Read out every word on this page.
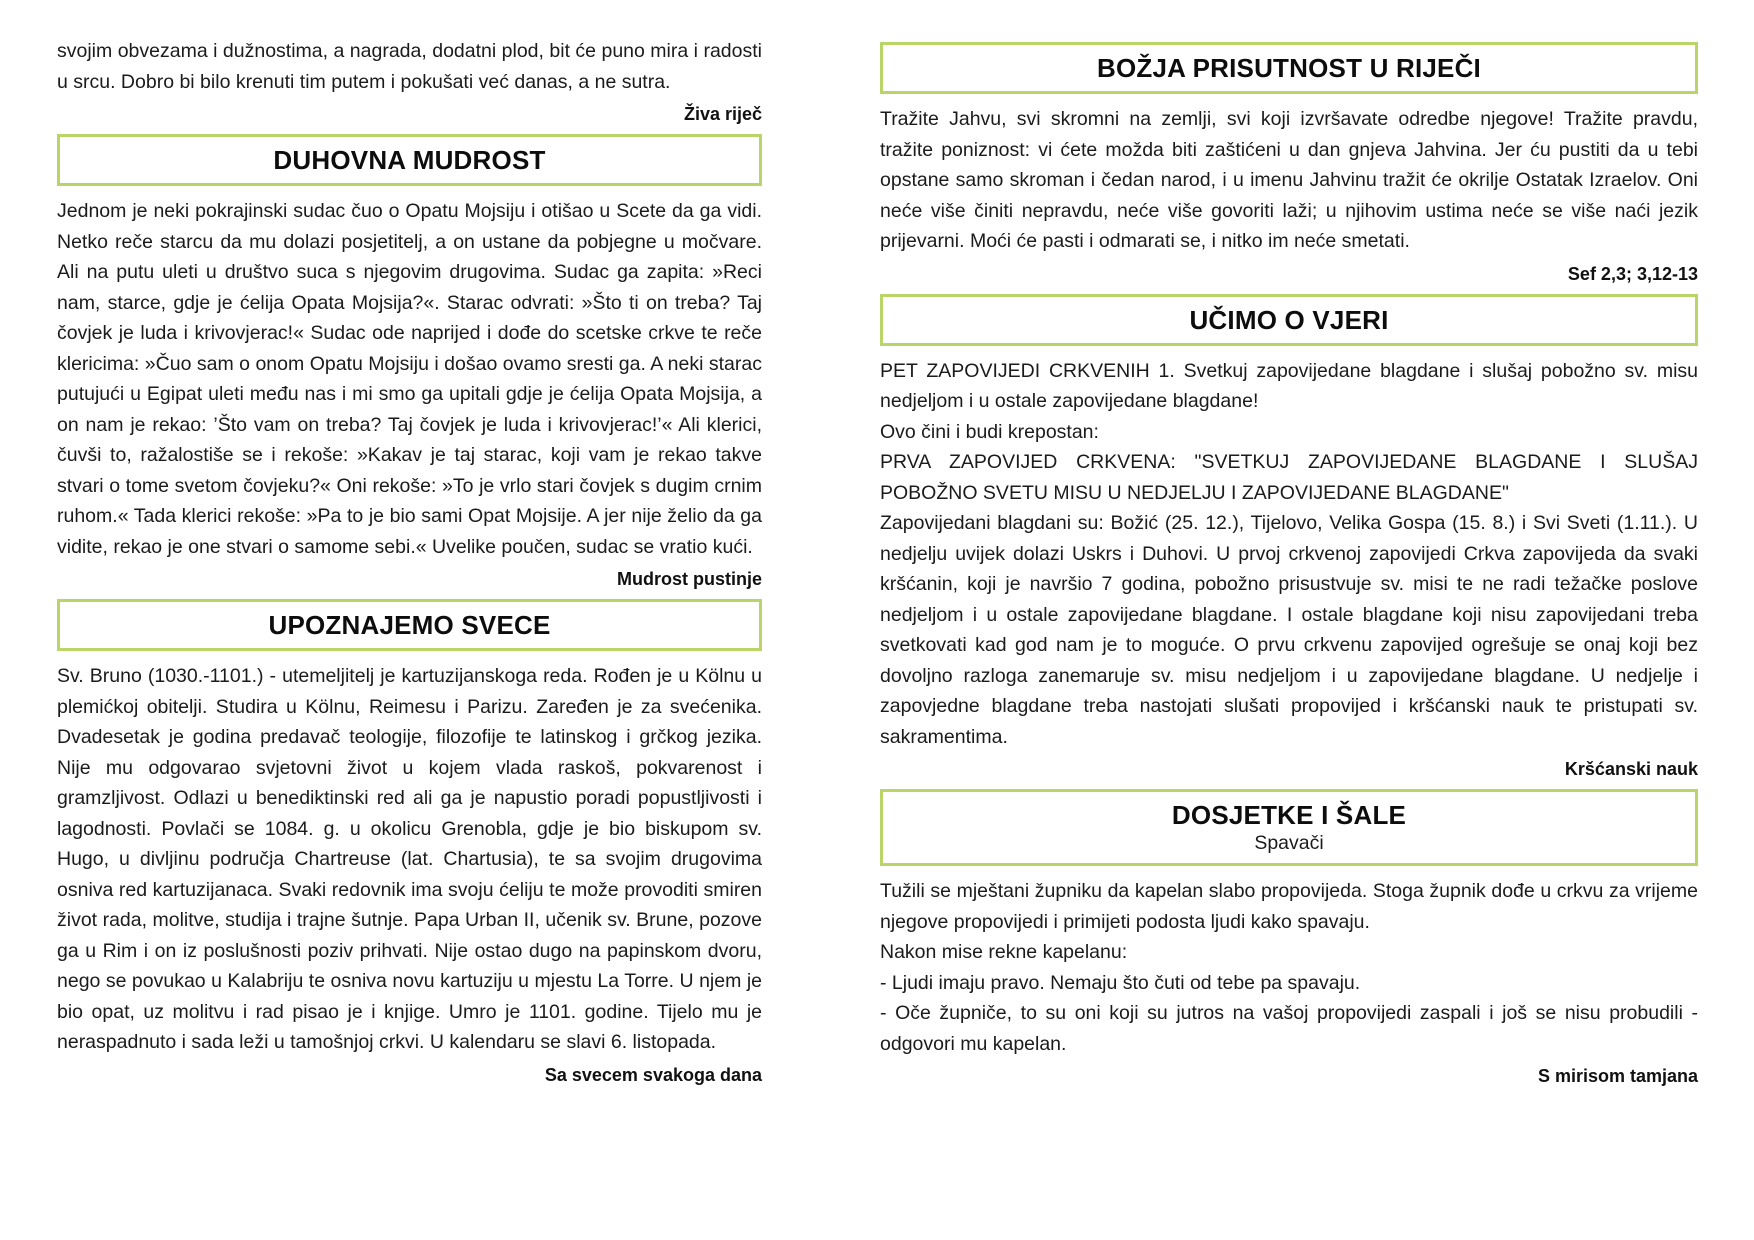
svojim obvezama i dužnostima, a nagrada, dodatni plod, bit će puno mira i radosti u srcu. Dobro bi bilo krenuti tim putem i pokušati već danas, a ne sutra.

Živa riječ
DUHOVNA MUDROST

Jednom je neki pokrajinski sudac čuo o Opatu Mojsiju i otišao u Scete da ga vidi. Netko reče starcu da mu dolazi posjetitelj, a on ustane da pobjegne u močvare. Ali na putu uleti u društvo suca s njegovim drugovima. Sudac ga zapita: »Reci nam, starce, gdje je ćelija Opata Mojsija?«. Starac odvrati: »Što ti on treba? Taj čovjek je luda i krivovjerac!« Sudac ode naprijed i dođe do scetske crkve te reče klericima: »Čuo sam o onom Opatu Mojsiju i došao ovamo sresti ga. A neki starac putujući u Egipat uleti među nas i mi smo ga upitali gdje je ćelija Opata Mojsija, a on nam je rekao: ’Što vam on treba? Taj čovjek je luda i krivovjerac!’« Ali klerici, čuvši to, ražalostiše se i rekoše: »Kakav je taj starac, koji vam je rekao takve stvari o tome svetom čovjeku?« Oni rekoše: »To je vrlo stari čovjek s dugim crnim ruhom.« Tada klerici rekoše: »Pa to je bio sami Opat Mojsije. A jer nije želio da ga vidite, rekao je one stvari o samome sebi.« Uvelike poučen, sudac se vratio kući.

Mudrost pustinje
UPOZNAJEMO SVECE

Sv. Bruno (1030.-1101.) - utemeljitelj je kartuzijanskoga reda. Rođen je u Kölnu u plemićkoj obitelji. Studira u Kölnu, Reimesu i Parizu. Zaređen je za svećenika. Dvadesetak je godina predavač teologije, filozofije te latinskog i grčkog jezika. Nije mu odgovarao svjetovni život u kojem vlada raskoš, pokvarenost i gramzljivost. Odlazi u benediktinski red ali ga je napustio poradi popustljivosti i lagodnosti. Povlači se 1084. g. u okolicu Grenobla, gdje je bio biskupom sv. Hugo, u divljinu područja Chartreuse (lat. Chartusia), te sa svojim drugovima osniva red kartuzijanaca. Svaki redovnik ima svoju ćeliju te može provoditi smiren život rada, molitve, studija i trajne šutnje. Papa Urban II, učenik sv. Brune, pozove ga u Rim i on iz poslušnosti poziv prihvati. Nije ostao dugo na papinskom dvoru, nego se povukao u Kalabriju te osniva novu kartuziju u mjestu La Torre. U njem je bio opat, uz molitvu i rad pisao je i knjige. Umro je 1101. godine. Tijelo mu je neraspadnuto i sada leži u tamošnjoj crkvi. U kalendaru se slavi 6. listopada.

Sa svecem svakoga dana
BOŽJA PRISUTNOST U RIJEČI

Tražite Jahvu, svi skromni na zemlji, svi koji izvršavate odredbe njegove! Tražite pravdu, tražite poniznost: vi ćete možda biti zaštićeni u dan gnjeva Jahvina. Jer ću pustiti da u tebi opstane samo skroman i čedan narod, i u imenu Jahvinu tražit će okrilje Ostatak Izraelov. Oni neće više činiti nepravdu, neće više govoriti laži; u njihovim ustima neće se više naći jezik prijevarni. Moći će pasti i odmarati se, i nitko im neće smetati.

Sef 2,3; 3,12-13
UČIMO O VJERI

PET ZAPOVIJEDI CRKVENIH 1. Svetkuj zapovijedane blagdane i slušaj pobožno sv. misu nedjeljom i u ostale zapovijedane blagdane!

Ovo čini i budi krepostan:

PRVA ZAPOVIJED CRKVENA: "SVETKUJ ZAPOVIJEDANE BLAGDANE I SLUŠAJ POBOŽNO SVETU MISU U NEDJELJU I ZAPOVIJEDANE BLAGDANE"

Zapovijedani blagdani su: Božić (25. 12.), Tijelovo, Velika Gospa (15. 8.) i Svi Sveti (1.11.). U nedjelju uvijek dolazi Uskrs i Duhovi. U prvoj crkvenoj zapovijedi Crkva zapovijeda da svaki kršćanin, koji je navršio 7 godina, pobožno prisustvuje sv. misi te ne radi težačke poslove nedjeljom i u ostale zapovijedane blagdane. I ostale blagdane koji nisu zapovijedani treba svetkovati kad god nam je to moguće. O prvu crkvenu zapovijed ogrešuje se onaj koji bez dovoljno razloga zanemaruje sv. misu nedjeljom i u zapovijedane blagdane. U nedjelje i zapovjedne blagdane treba nastojati slušati propovijed i kršćanski nauk te pristupati sv. sakramentima.

Kršćanski nauk
DOSJETKE I ŠALE
Spavači

Tužili se mještani župniku da kapelan slabo propovijeda. Stoga župnik dođe u crkvu za vrijeme njegove propovijedi i primijeti podosta ljudi kako spavaju.

Nakon mise rekne kapelanu:

- Ljudi imaju pravo. Nemaju što čuti od tebe pa spavaju.

- Oče župniče, to su oni koji su jutros na vašoj propovijedi zaspali i još se nisu probudili - odgovori mu kapelan.

S mirisom tamjana
